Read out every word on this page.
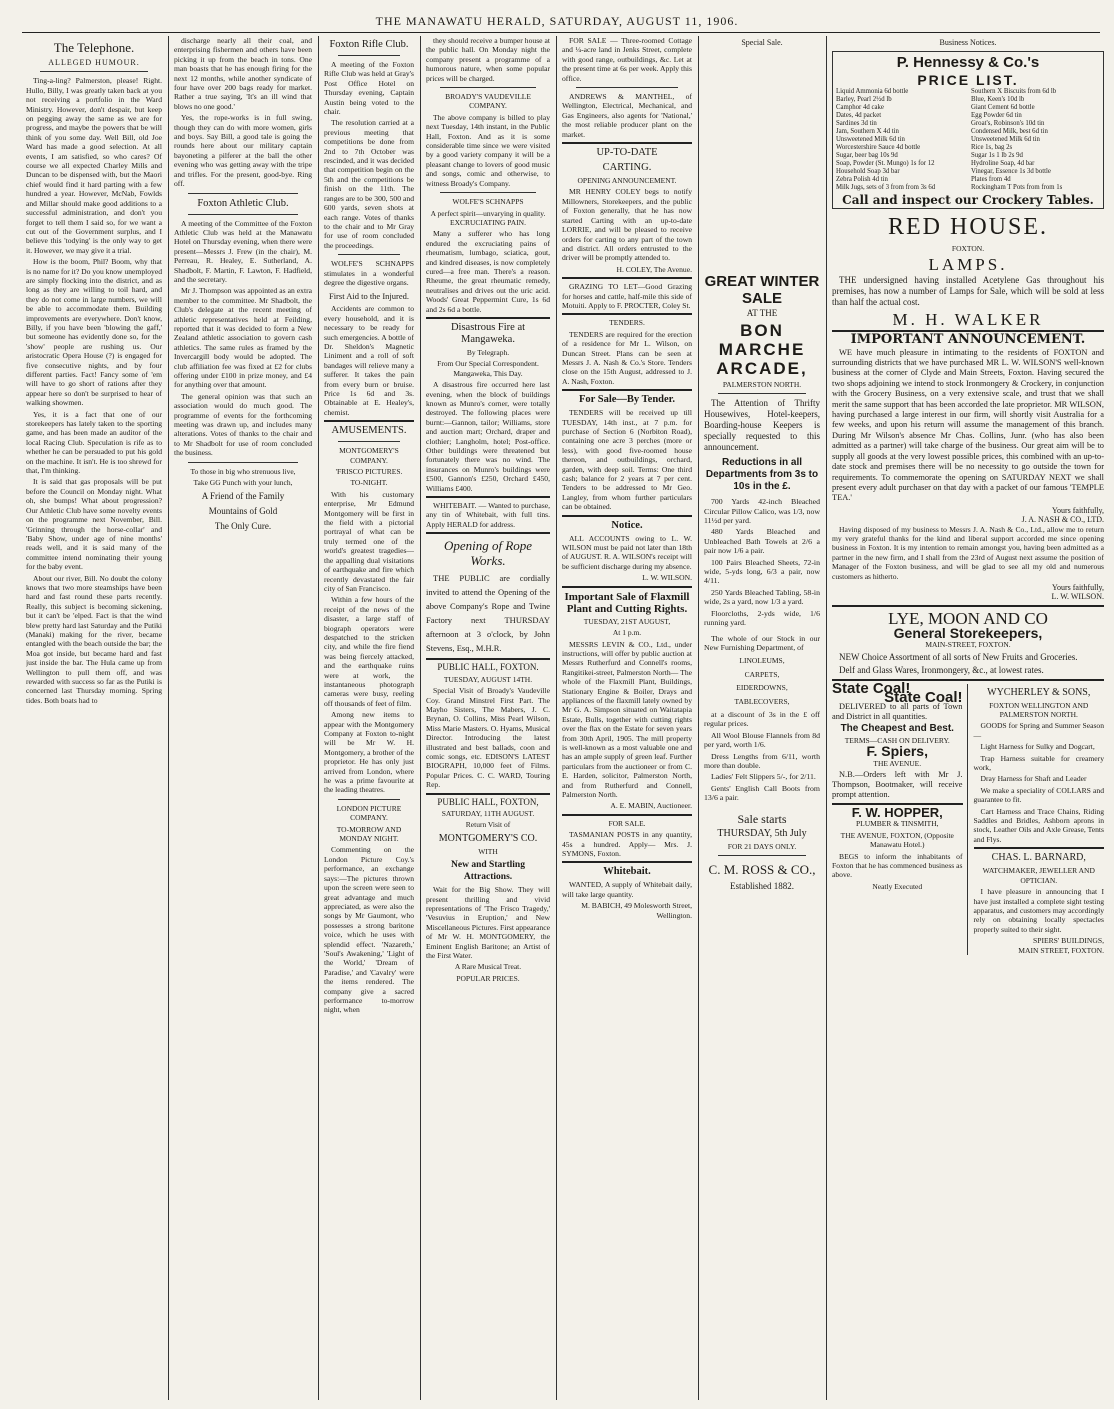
THE MANAWATU HERALD, SATURDAY, AUGUST 11, 1906.
The Telephone.
ALLEGED HUMOUR.

Ting-a-ling? Palmerston, please! Right. Hullo, Billy, I was greatly taken back at you not receiving a portfolio in the Ward Ministry. However, don't despair, but keep on pegging away the same as we are for progress, and maybe the powers that be will think of you some day. Well Bill, old Joe Ward has made a good selection. At all events, I am satisfied, so who cares? Of course we all expected Charley Mills and Duncan to be dispensed with, but the Maori chief would find it hard parting with a few hundred a year. However, McNab, Fowlds and Millar should make good additions to a successful administration, and don't you forget to tell them I said so, for we want a cut out of the Government surplus, and I believe this 'todying' is the only way to get it. However, we may give it a trial.

How is the boom, Phil? Boom, why that is no name for it? Do you know unemployed are simply flocking into the district, and as long as they are willing to toil hard, and they do not come in large numbers, we will be able to accommodate them. Building improvements are everywhere. Don't know, Billy, if you have been 'blowing the gaff,' but someone has evidently done so, for the 'show' people are rushing us. Our aristocratic Opera House (?) is engaged for five consecutive nights, and by four different parties. Fact! Fancy some of 'em will have to go short of rations after they appear here so don't be surprised to hear of walking showmen.

Yes, it is a fact that one of our storekeepers has lately taken to the sporting game, and has been made an auditor of the local Racing Club. Speculation is rife as to whether he can be persuaded to put his gold on the machine. It isn't. He is too shrewd for that, I'm thinking.

It is said that gas proposals will be put before the Council on Monday night. What oh, she bumps! What about progression? Our Athletic Club have some novelty events on the programme next November, Bill. 'Grinning through the horse-collar' and 'Baby Show, under age of nine months' reads well, and it is said many of the committee intend nominating their young for the baby event.

About our river, Bill. No doubt the colony knows that two more steamships have been hard and fast round these parts recently. Really, this subject is becoming sickening, but it can't be 'elped. Fact is that the wind blew pretty hard last Saturday and the Putiki (Manaki) making for the river, became entangled with the beach outside the bar; the Moa got inside, but became hard and fast just inside the bar. The Hula came up from Wellington to pull them off, and was rewarded with success so far as the Putiki is concerned last Thursday morning. Spring tides. Both boats had to

discharge nearly all their coal, and enterprising fishermen and others have been picking it up from the beach in tons. One man boasts that he has enough firing for the next 12 months, while another syndicate of four have over 200 bags ready for market. Rather a true saying, 'It's an ill wind that blows no one good.'

Yes, the rope-works is in full swing, though they can do with more women, girls and boys. Say Bill, a good tale is going the rounds here about our military captain bayoneting a pilferer at the ball the other evening who was getting away with the tripe and trifles. For the present, good-bye. Ring off.

Foxton Athletic Club.

A meeting of the Committee of the Foxton Athletic Club was held at the Manawatu Hotel on Thursday evening, when there were present—Messrs J. Frew (in the chair), M. Perreau, R. Healey, E. Sutherland, A. Shadbolt, F. Martin, F. Lawton, F. Hadfield, and the secretary.

Mr J. Thompson was appointed as an extra member to the committee. Mr Shadbolt, the Club's delegate at the recent meeting of athletic representatives held at Feilding, reported that it was decided to form a New Zealand athletic association to govern cash athletics. The same rules as framed by the Invercargill body would be adopted. The club affiliation fee was fixed at £2 for clubs offering under £100 in prize money, and £4 for anything over that amount.

The general opinion was that such an association would do much good. The programme of events for the forthcoming meeting was drawn up, and includes many alterations. Votes of thanks to the chair and to Mr Shadbolt for use of room concluded the business.

To those in big who strenuous live,
Take GG Punch with your lunch,
A Friend of the Family
Mountains of Gold
The Only Cure.
Foxton Rifle Club.

A meeting of the Foxton Rifle Club was held at Gray's Post Office Hotel on Thursday evening, Captain Austin being voted to the chair.

The resolution carried at a previous meeting that competitions be done from 2nd to 7th October was rescinded, and it was decided that competition begin on the 5th and the competitions be finish on the 11th. The ranges are to be 300, 500 and 600 yards, seven shots at each range. Votes of thanks to the chair and to Mr Gray for use of room concluded the proceedings.

WOLFE'S SCHNAPPS stimulates in a wonderful degree the digestive organs.

First Aid to the Injured.

Accidents are common to every household, and it is necessary to be ready for such emergencies. A bottle of Dr. Sheldon's Magnetic Liniment and a roll of soft bandages will relieve many a sufferer. It takes the pain from every burn or bruise. Price 1s 6d and 3s. Obtainable at E. Healey's, chemist.

AMUSEMENTS.
MONTGOMERY'S COMPANY.
'FRISCO PICTURES.
TO-NIGHT.

With his customary enterprise, Mr Edmund Montgomery will be first in the field with a pictorial portrayal of what can be truly termed one of the world's greatest tragedies—the appalling dual visitations of earthquake and fire which recently devastated the fair city of San Francisco.

Within a few hours of the receipt of the news of the disaster, a large staff of biograph operators were despatched to the stricken city, and while the fire fiend was being fiercely attacked, and the earthquake ruins were at work, the instantaneous photograph cameras were busy, reeling off thousands of feet of film.

Among new items to appear with the Montgomery Company at Foxton to-night will be Mr W. H. Montgomery, a brother of the proprietor. He has only just arrived from London, where he was a prime favourite at the leading theatres.

LONDON PICTURE COMPANY.
TO-MORROW AND MONDAY NIGHT.

Commenting on the London Picture Coy.'s performance, an exchange says:—The pictures thrown upon the screen were seen to great advantage and much appreciated, as were also the songs by Mr Gaumont, who possesses a strong baritone voice, which he uses with splendid effect. 'Nazareth,' 'Soul's Awakening,' 'Light of the World,' 'Dream of Paradise,' and 'Cavalry' were the items rendered. The company give a sacred performance to-morrow night, when

they should receive a bumper house at the public hall. On Monday night the company present a programme of a humorous nature, when some popular prices will be charged.

BROADY'S VAUDEVILLE COMPANY.

The above company is billed to play next Tuesday, 14th instant, in the Public Hall, Foxton. And as it is some considerable time since we were visited by a good variety company it will be a pleasant change to lovers of good music and songs, comic and otherwise, to witness Broady's Company.

WOLFE'S SCHNAPPS
A perfect spirit—unvarying in quality. EXCRUCIATING PAIN.

Many a sufferer who has long endured the excruciating pains of rheumatism, lumbago, sciatica, gout, and kindred diseases, is now completely cured—a free man. There's a reason. Rheume, the great rheumatic remedy, neutralises and drives out the uric acid. Woods' Great Peppermint Cure, 1s 6d and 2s 6d a bottle.

Disastrous Fire at Mangaweka.
By Telegraph.
From Our Special Correspondent. Mangaweka, This Day.

A disastrous fire occurred here last evening, when the block of buildings known as Munro's corner, were totally destroyed. The following places were burnt:—Gannon, tailor; Williams, store and auction mart; Orchard, draper and clothier; Langholm, hotel; Post-office. Other buildings were threatened but fortunately there was no wind. The insurances on Munro's buildings were £500, Gannon's £250, Orchard £450, Williams £400.

WHITEBAIT. — Wanted to purchase, any tin of Whitebait, with full tins. Apply HERALD for address.

Opening of Rope Works.

THE PUBLIC are cordially invited to attend the Opening of the above Company's Rope and Twine Factory next THURSDAY afternoon at 3 o'clock, by John Stevens, Esq., M.H.R.

PUBLIC HALL, FOXTON.
TUESDAY, AUGUST 14TH.

Special Visit of Broady's Vaudeville Coy. Grand Minstrel First Part. The Mayho Sisters, The Mabers, J. C. Brynan, O. Collins, Miss Pearl Wilson, Miss Marie Masters. O. Hyams, Musical Director. Introducing the latest illustrated and best ballads, coon and comic songs, etc. EDISON'S LATEST BIOGRAPH, 10,000 feet of Films. Popular Prices. C. C. WARD, Touring Rep.

PUBLIC HALL, FOXTON,
SATURDAY, 11TH AUGUST.
Return Visit of
MONTGOMERY'S CO.
WITH
New and Startling Attractions.

Wait for the Big Show. They will present thrilling and vivid representations of 'The Frisco Tragedy,' 'Vesuvius in Eruption,' and New Miscellaneous Pictures. First appearance of Mr W. H. MONTGOMERY, the Eminent English Baritone; an Artist of the First Water.

A Rare Musical Treat.
POPULAR PRICES.

FOR SALE — Three-roomed Cottage and ¼-acre land in Jenks Street, complete with good range, outbuildings, &c. Let at the present time at 6s per week. Apply this office.

ANDREWS & MANTHEL, of Wellington, Electrical, Mechanical, and Gas Engineers, also agents for 'National,' the most reliable producer plant on the market.

UP-TO-DATE
CARTING.
OPENING ANNOUNCEMENT.

MR HENRY COLEY begs to notify Millowners, Storekeepers, and the public of Foxton generally, that he has now started Carting with an up-to-date LORRIE, and will be pleased to receive orders for carting to any part of the town and district. All orders entrusted to the driver will be promptly attended to.

H. COLEY, The Avenue.

GRAZING TO LET—Good Grazing for horses and cattle, half-mile this side of Motuiti. Apply to F. PROCTER, Coley St.

TENDERS.

TENDERS are required for the erection of a residence for Mr L. Wilson, on Duncan Street. Plans can be seen at Messrs J. A. Nash & Co.'s Store. Tenders close on the 15th August, addressed to J. A. Nash, Foxton.

For Sale—By Tender.

TENDERS will be received up till TUESDAY, 14th inst., at 7 p.m. for purchase of Section 6 (Norbiton Road), containing one acre 3 perches (more or less), with good five-roomed house thereon, and outbuildings, orchard, garden, with deep soil. Terms: One third cash; balance for 2 years at 7 per cent. Tenders to be addressed to Mr Geo. Langley, from whom further particulars can be obtained.

Notice.

ALL ACCOUNTS owing to L. W. WILSON must be paid not later than 18th of AUGUST. R. A. WILSON's receipt will be sufficient discharge during my absence.

L. W. WILSON.
Important Sale of Flaxmill Plant and Cutting Rights.
TUESDAY, 21ST AUGUST,
At 1 p.m.

MESSRS LEVIN & CO., Ltd., under instructions, will offer by public auction at Messrs Rutherfurd and Connell's rooms, Rangitikei-street, Palmerston North— The whole of the Flaxmill Plant, Buildings, Stationary Engine & Boiler, Drays and appliances of the flaxmill lately owned by Mr G. A. Simpson situated on Waitatapia Estate, Bulls, together with cutting rights over the flax on the Estate for seven years from 30th April, 1905. The mill property is well-known as a most valuable one and has an ample supply of green leaf. Further particulars from the auctioneer or from C. E. Harden, solicitor, Palmerston North, and from Rutherfurd and Connell, Palmerston North.

A. E. MABIN, Auctioneer.
FOR SALE.

TASMANIAN POSTS in any quantity, 45s a hundred. Apply— Mrs. J. SYMONS, Foxton.

Whitebait.

WANTED, A supply of Whitebait daily, will take large quantity.

M. BABICH, 49 Molesworth Street, Wellington.
Special Sale.
GREAT WINTER SALE
AT THE
BON
MARCHE
ARCADE,
PALMERSTON NORTH.

The Attention of Thrifty Housewives, Hotel-keepers, Boarding-house Keepers is specially requested to this announcement.

Reductions in all Departments from 3s to 10s in the £.

700 Yards 42-inch Bleached Circular Pillow Calico, was 1/3, now 11½d per yard.

480 Yards Bleached and Unbleached Bath Towels at 2/6 a pair now 1/6 a pair.

100 Pairs Bleached Sheets, 72-in wide, 5-yds long, 6/3 a pair, now 4/11.

250 Yards Bleached Tabling, 58-in wide, 2s a yard, now 1/3 a yard.

Floorcloths, 2-yds wide, 1/6 running yard.

The whole of our Stock in our New Furnishing Department, of

LINOLEUMS,
CARPETS,
EIDERDOWNS,
TABLECOVERS,

at a discount of 3s in the £ off regular prices.

All Wool Blouse Flannels from 8d per yard, worth 1/6.

Dress Lengths from 6/11, worth more than double.

Ladies' Felt Slippers 5/-, for 2/11.

Gents' English Call Boots from 13/6 a pair.

Sale starts
THURSDAY, 5th July
FOR 21 DAYS ONLY.
C. M. ROSS & CO.,
Established 1882.
Business Notices.
P. Hennessy & Co.'s
PRICE LIST.
Liquid Ammonia 6d bottle
Barley, Pearl 2½d lb
Camphor 4d cake
Dates, 4d packet
Sardines 3d tin
Jam, Southern X 4d tin
Unsweetened Milk 6d tin
Worcestershire Sauce 4d bottle
Sugar, beer bag 10s 9d
Soap, Powder (St. Mungo) 1s for 12
Household Soap 3d bar
Zebra Polish 4d tin
Milk Jugs, sets of 3 from from 3s 6d
Southern X Biscuits from 6d lb
Blue, Keen's 10d lb
Giant Cement 6d bottle
Egg Powder 6d tin
Groat's, Robinson's 10d tin
Condensed Milk, best 6d tin
Unsweetened Milk 6d tin
Rice 1s, bag 2s
Sugar 1s 1 lb 2s 9d
Hydroline Soap, 4d bar
Vinegar, Essence 1s 3d bottle
Plates from 4d
Rockingham T Pots from from 1s
Call and inspect our Crockery Tables.
RED HOUSE.
FOXTON.
LAMPS.

THE undersigned having installed Acetylene Gas throughout his premises, has now a number of Lamps for Sale, which will be sold at less than half the actual cost.

M. H. WALKER
IMPORTANT ANNOUNCEMENT.

WE have much pleasure in intimating to the residents of FOXTON and surrounding districts that we have purchased MR L. W. WILSON'S well-known business at the corner of Clyde and Main Streets, Foxton. Having secured the two shops adjoining we intend to stock Ironmongery & Crockery, in conjunction with the Grocery Business, on a very extensive scale, and trust that we shall merit the same support that has been accorded the late proprietor. MR WILSON, having purchased a large interest in our firm, will shortly visit Australia for a few weeks, and upon his return will assume the management of this branch. During Mr Wilson's absence Mr Chas. Collins, Junr. (who has also been admitted as a partner) will take charge of the business. Our great aim will be to supply all goods at the very lowest possible prices, this combined with an up-to-date stock and premises there will be no necessity to go outside the town for requirements. To commemorate the opening on SATURDAY NEXT we shall present every adult purchaser on that day with a packet of our famous 'TEMPLE TEA.'

Yours faithfully,
J. A. NASH & CO., LTD.

Having disposed of my business to Messrs J. A. Nash & Co., Ltd., allow me to return my very grateful thanks for the kind and liberal support accorded me since opening business in Foxton. It is my intention to remain amongst you, having been admitted as a partner in the new firm, and I shall from the 23rd of August next assume the position of Manager of the Foxton business, and will be glad to see all my old and numerous customers as hitherto.

Yours faithfully,
L. W. WILSON.
LYE, MOON AND CO
General Storekeepers,
MAIN-STREET, FOXTON.

NEW Choice Assortment of all sorts of New Fruits and Groceries.

Delf and Glass Wares, Ironmongery, &c., at lowest rates.

State Coal!
State Coal!

DELIVERED to all parts of Town and District in all quantities.

The Cheapest and Best.
TERMS—CASH ON DELIVERY.
F. Spiers,
THE AVENUE.

N.B.—Orders left with Mr J. Thompson, Bootmaker, will receive prompt attention.

F. W. HOPPER,
PLUMBER & TINSMITH,
THE AVENUE, FOXTON, (Opposite Manawatu Hotel.)

BEGS to inform the inhabitants of Foxton that he has commenced business as above.

Neatly Executed
WYCHERLEY & SONS,
FOXTON WELLINGTON AND PALMERSTON NORTH.

GOODS for Spring and Summer Season—

Light Harness for Sulky and Dogcart,

Trap Harness suitable for creamery work,

Dray Harness for Shaft and Leader

We make a speciality of COLLARS and guarantee to fit.

Cart Harness and Trace Chains, Riding Saddles and Bridles, Ashborn aprons in stock, Leather Oils and Axle Grease, Tents and Flys.

CHAS. L. BARNARD,
WATCHMAKER, JEWELLER AND OPTICIAN.

I have pleasure in announcing that I have just installed a complete sight testing apparatus, and customers may accordingly rely on obtaining locally spectacles properly suited to their sight.

SPIERS' BUILDINGS,
MAIN STREET, FOXTON.
